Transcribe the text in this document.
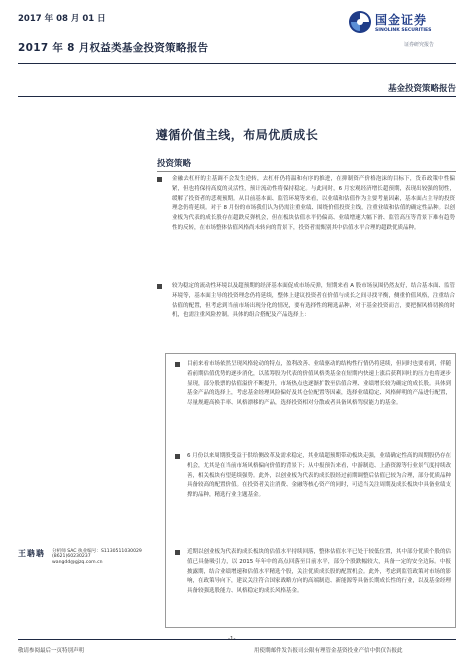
2017 年 08 月 01 日
2017 年 8 月权益类基金投资策略报告
国金证券
SINOLINK SECURITIES
证券研究报告
基金投资策略报告
遵循价值主线，布局优质成长
投资策略
金融去杠杆的主基调不会发生逆转，去杠杆仍将温和有序的推进，在抑制资产价格泡沫的目标下，货币政策中性偏紧，但也将保持高度的灵活性，预计流动性将保持稳定。与此同时，6 月宏观经济增长超预期，表现出较强的韧性，缓解了投资者的悲观预期。从目前基本面、监管环境等来看，以业绩和估值作为主要考量因素，基本面占主导的投资理念仍将延续。对于 8 月份的市场我们认为仍需注重业绩、围绕价值投资主线，注重业绩和估值的确定性品种。以创业板为代表的成长股存在超跌反弹机会，但在板块估值水平仍偏高、业绩增速大幅下滑、监管高压等背景下难有趋势性的反转，在市场整体估值风格尚未转向的背景下，投资者需甄别其中估值水平合理的超跌优质品种。
较为稳定的流动性环境以及超预期的经济基本面促成市场反弹，短期来看 A 股市场氛围仍然友好，结合基本面、监管环境等，基本面主导的投资理念仍将延续，整体上建议投资者在价值与成长之间寻找平衡，侧重价值风格，注重结合估值的配置，但考虑到当前市场出现分化的情况，要有选择性的精选品种，对于基金投资而言，要把握风格切换的时机，也需注重风险控制。具体的组合搭配及产品选择上：
目前来看市场依然呈现风格轮动的特点，盈利改善、业绩驱动的结构性行情仍将延续，但同时也要看到，伴随着前期估值优势的逐步消化，以蓝筹股为代表的价值风格类基金在短期内快速上涨后获利回吐的压力也将逐步显现，部分股票的估值溢价不断提升，市场热点也逐渐扩散至估值合理、业绩增长较为确定的成长股。具体到基金产品的选择上，考虑基金经理风险偏好及其仓位配置等因素，选择业绩稳定、风格鲜明的产品进行配置，尽量规避高换手率、风格漂移的产品，选择投资相对分散或者具备风格驾驭能力的基金。
6 月份以来周期股受益于供给侧改革及需求稳定，其业绩超预期带动板块走强，业绩确定性高的周期股仍存在机会，尤其是在当前市场风格偏向价值的背景下；从中报预告来看，中游制造、上游资源等行业景气度持续改善，相关板块有望延续强势。此外，以创业板为代表的成长股经过前期调整后估值已较为合理，部分优质品种具备较高的配置价值。在投资者关注消费、金融等核心资产的同时，可适当关注周期及成长板块中具备业绩支撑的品种，精选行业主题基金。
近期以创业板为代表的成长板块的估值水平持续回落，整体估值水平已处于较低位置，其中部分优质个股的估值已具备吸引力，以 2015 年年中的高点回落至目前水平，部分个股跌幅较大，具备一定的安全边际。中报披露期，结合业绩增速和估值水平精选个股，关注优质成长股的配置机会。此外，考虑到监管政策对市场的影响，在政策导向下，建议关注符合国家战略方向的高端制造、新能源等具备长期成长性的行业，以及基金经理具备较强选股能力、风格稳定的成长风格基金。
王聃聃 分析师 SAC 执业编号：S1130511030029
(8621)60230237
wangdd@gjzq.com.cn
敬请参阅最后一页特别声明
-1-
用使期邮件发告报司公限有理管金基资投业产信中供仅告报此
